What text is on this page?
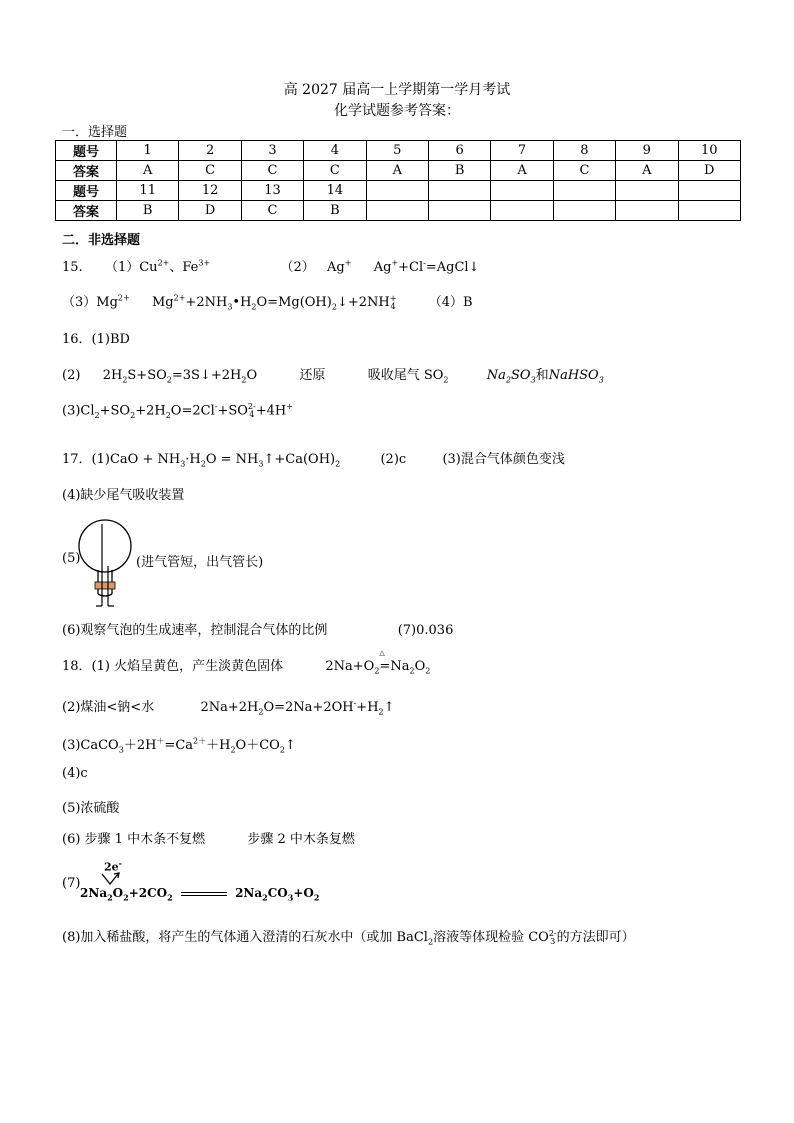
高 2027 届高一上学期第一学月考试
化学试题参考答案：
一．选择题
题号	1	2	3	4	5	6	7	8	9	10
答案	A	C	C	C	A	B	A	C	A	D
题号	11	12	13	14						
答案	B	D	C	B						
二．非选择题
15. $(1)Cu^{2+}$、$Fe^{3+}$	（2） Ag+ Ag++Cl-=AgCl↓
$(3)Mg^{2+}$ $Mg^{2+}+2NH_3•H_2O=Mg(OH)_2↓+2NH$ +
4	（4）B
16．(1)BD
(2) $2H_2S+SO_2=3S↓+2H_2O$	还原	吸收尾气 $SO_2$	$Na_2SO_3$和NaHSO$_3$
$(3)Cl_2+SO_2+2H_2O=2Cl^-+SO$ 2-
4 +4H+
17．$(1)CaO + NH_3\cdot H_2O$ = $NH_3↑+Ca(OH)_2$	(2)c	(3)混合气体颜色变浅
(4)缺少尾气吸收装置
(5)	(进气管短，出气管长)
(6)观察气泡的生成速率，控制混合气体的比例	(7)0.036
18．(1) 火焰呈黄色，产生淡黄色固体	$2Na+O_2$
△
$=Na_2O_2$
(2)煤油<钠<水	$2Na+2H_2O=2Na+2OH^-+H_2↑$
$(3)CaCO_3+2H^+=Ca^{2+}+H_2O+CO_2↑$
(4)c
(5)浓硫酸
(6) 步骤 1 中木条不复燃	步骤 2 中木条复燃
2e-
(7)
$2Na_2O_2+2CO_2$	$2Na_2CO_3+O_2$
(8)加入稀盐酸，将产生的气体通入澄清的石灰水中（或加 BaCl$_2$溶液等体现检验 CO 2-
3 的方法即可）
